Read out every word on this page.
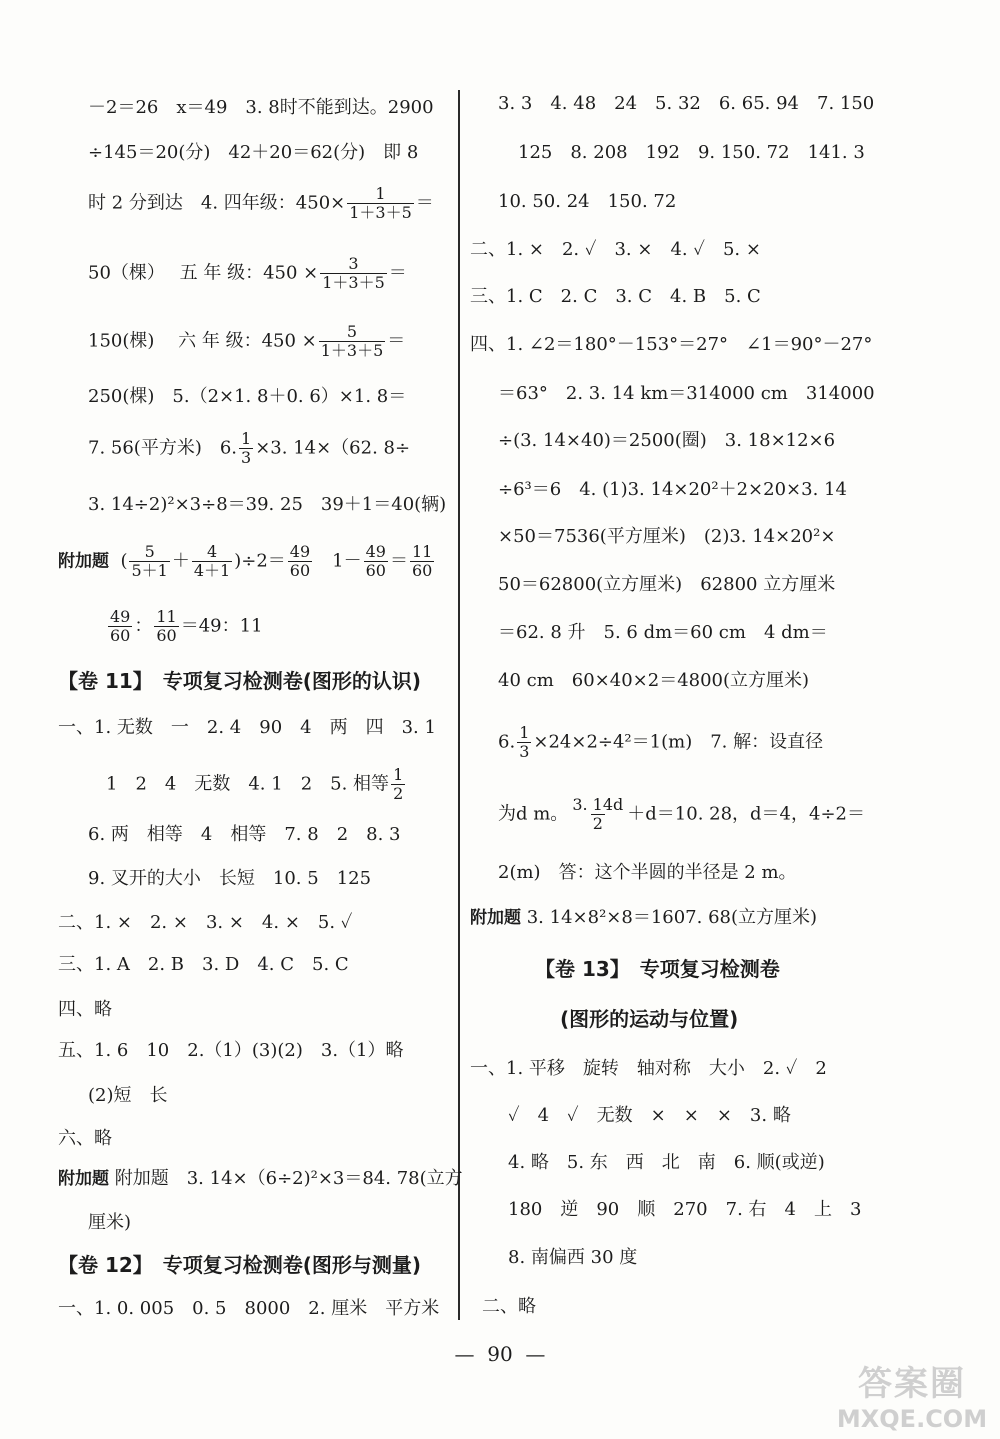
－2＝26　x＝49　3. 8时不能到达。2900
÷145＝20(分)　42＋20＝62(分)　即 8
时 2 分到达　4. 四年级：$450\times \frac{1}{1+3+5}$ ＝
50（棵）　 五 年 级：$450 \times \frac{3}{1+3+5}$ ＝
150(棵)　 六 年 级：$450 \times \frac{5}{1+3+5}$ ＝
250(棵)　5.（2×1. 8＋0. 6）×1. 8＝
7. 56(平方米)　6. $\frac{1}{3} \times 3$. 14×（62. 8÷
3. 14÷2)²×3÷8＝39. 25　39＋1＝40(辆)
附加题 ( $\frac{5}{5+1} + \frac{4}{4+1} )\div 2= \frac{49}{60}$ 　$1- \frac{49}{60} = \frac{11}{60}$
$\frac{49}{60}$ ： $\frac{11}{60} =49$：11
【卷 11】　专项复习检测卷(图形的认识)
一、1. 无数　一　2. 4　90　4　两　四　3. 1
1　2　4　无数　4. 1　2　5. 相等 $\frac{1}{2}$
6. 两　相等　4　相等　7. 8　2　8. 3
9. 叉开的大小　长短　10. 5　125
二、1. ×　2. ×　3. ×　4. ×　5. ✓
三、1. A　2. B　3. D　4. C　5. C
四、略
五、1. 6　10　2.（1）(3)(2)　3.（1）略
(2)短　长
六、略
附加题 附加题　3. 14×（6÷2)²×3＝84. 78(立方
厘米)
【卷 12】　专项复习检测卷(图形与测量)
一、1. 0. 005　0. 5　8000　2. 厘米　平方米
3. 3　4. 48　24　5. 32　6. 65. 94　7. 150
125　8. 208　192　9. 150. 72　141. 3
10. 50. 24　150. 72
二、1. ×　2. ✓　3. ×　4. ✓　5. ×
三、1. C　2. C　3. C　4. B　5. C
四、1. ∠2＝180°－153°＝27°　∠1＝90°－27°
＝63°　2. 3. 14 km＝314000 cm　314000
÷(3. 14×40)＝2500(圈)　3. 18×12×6
÷6³＝6　4. (1)3. 14×20²＋2×20×3. 14
×50＝7536(平方厘米)　(2)3. 14×20²×
50＝62800(立方厘米)　62800 立方厘米
＝62. 8 升　5. 6 dm＝60 cm　4 dm＝
40 cm　60×40×2＝4800(立方厘米)
6. $\frac{1}{3} \times 24\times 2\div 4^2=1(m)$　7. 解：设直径
为d m。 $\frac{3. 14d}{2} +d=10$. 28，d＝4，4÷2＝
2(m)　答：这个半圆的半径是 2 m。
附加题 3. 14×8²×8＝1607. 68(立方厘米)
【卷 13】　专项复习检测卷
(图形的运动与位置)
一、1. 平移　旋转　轴对称　大小　2. ✓　2
✓　4　✓　无数　×　×　×　3. 略
4. 略　5. 东　西　北　南　6. 顺(或逆)
180　逆　90　顺　270　7. 右　4　上　3
8. 南偏西 30 度
二、略
—  90  —
答案圈
MXQE.COM
